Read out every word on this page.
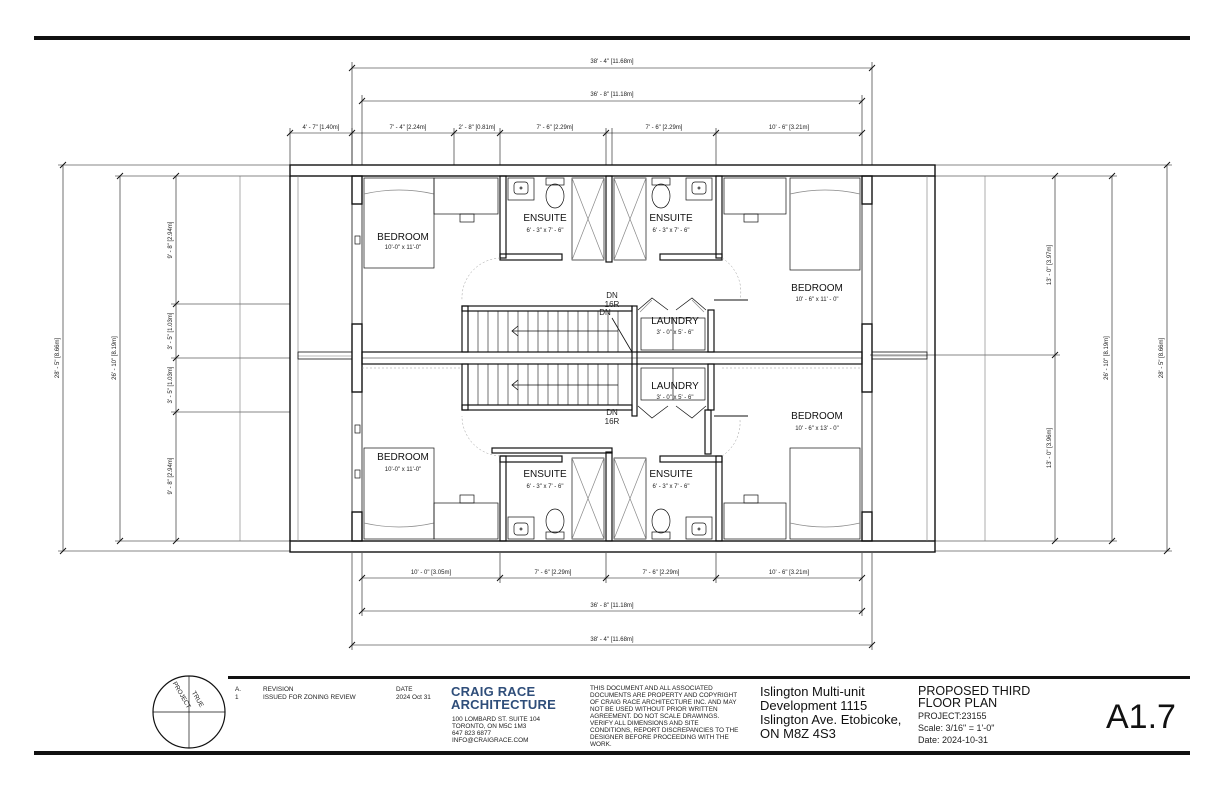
38' - 4" [11.68m]
36' - 8" [11.18m]
4' - 7" [1.40m]	7' - 4" [2.24m]	2' - 8" [0.81m]	7' - 6" [2.29m]	7' - 6" [2.29m]	10' - 6" [3.21m]
10' - 0" [3.05m]	7' - 6" [2.29m]	7' - 6" [2.29m]	10' - 6" [3.21m]
36' - 8" [11.18m]
38' - 4" [11.68m]
28' - 5" [8.66m]	26' - 10" [8.19m]
9' - 8" [2.94m]
3' - 5" [1.03m]
3' - 5" [1.03m]
9' - 8" [2.94m]
13' - 0" [3.97m]
13' - 0" [3.96m]
26' - 10" [8.19m]	28' - 5" [8.66m]
BEDROOM
10'-0" x 11'-0"
ENSUITE
6' - 3" x 7' - 6"
ENSUITE
6' - 3" x 7' - 6"
BEDROOM
10' - 6" x 11' - 0"
LAUNDRY
3' - 0" x 5' - 6"
LAUNDRY
3' - 0" x 5' - 6"
BEDROOM
10' - 6" x 13' - 0"
BEDROOM
10'-0" x 11'-0"	ENSUITE
6' - 3" x 7' - 6"
ENSUITE
6' - 3" x 7' - 6"
DN
16R
DN
DN
16R
PROJECT
TRUE
A.	REVISION	DATE
1	ISSUED FOR ZONING REVIEW	2024 Oct 31 CRAIG RACE
ARCHITECTURE
100 LOMBARD ST. SUITE 104
TORONTO, ON M5C 1M3
647 823 6877
INFO@CRAIGRACE.COM
THIS DOCUMENT AND ALL ASSOCIATED
DOCUMENTS ARE PROPERTY AND COPYRIGHT
OF CRAIG RACE ARCHITECTURE INC. AND MAY
NOT BE USED WITHOUT PRIOR WRITTEN
AGREEMENT. DO NOT SCALE DRAWINGS.
VERIFY ALL DIMENSIONS AND SITE
CONDITIONS, REPORT DISCREPANCIES TO THE
DESIGNER BEFORE PROCEEDING WITH THE
WORK.
Islington Multi-unit
Development 1115
Islington Ave. Etobicoke,
ON M8Z 4S3
PROPOSED THIRD
FLOOR PLAN
PROJECT:23155
Scale: 3/16" = 1'-0"
Date: 2024-10-31
A1.7
